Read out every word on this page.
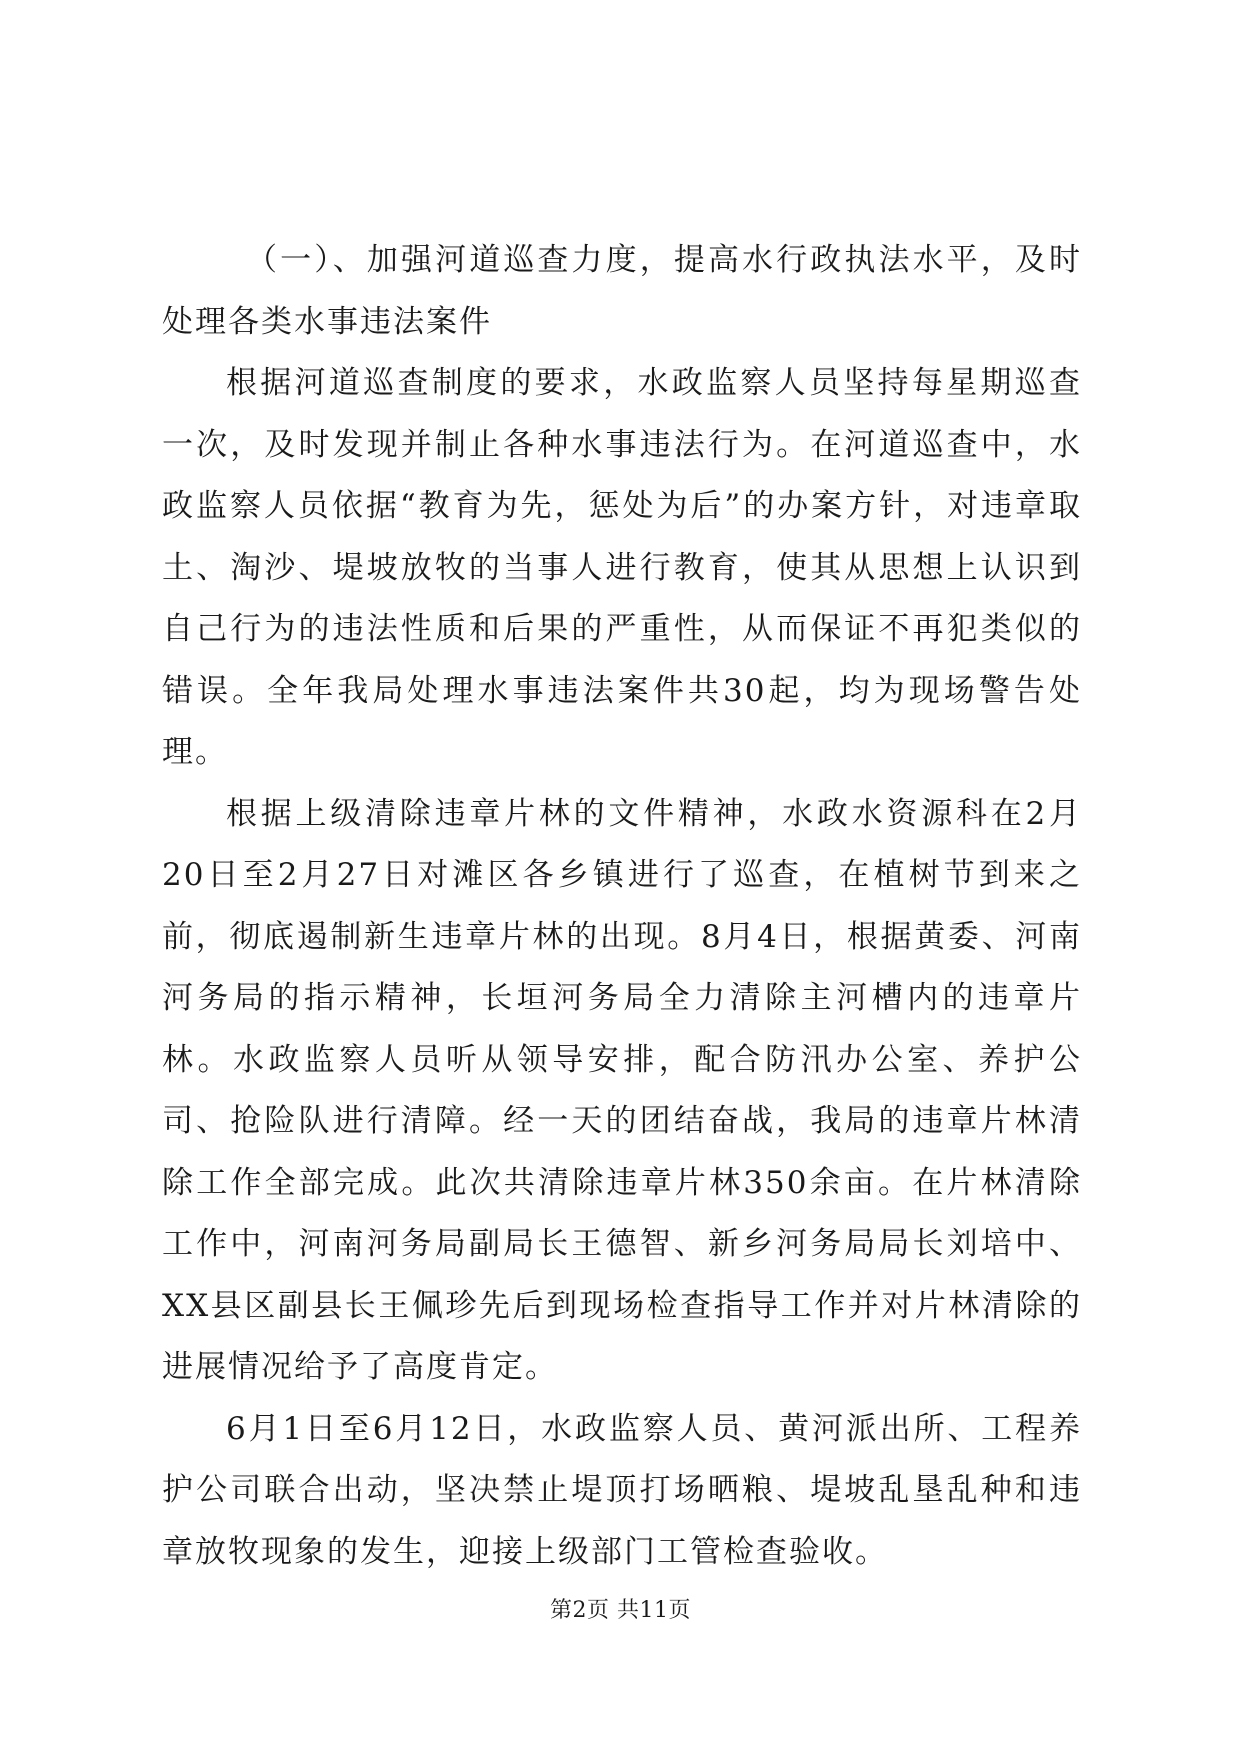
（一）、加强河道巡查力度，提高水行政执法水平，及时处理各类水事违法案件

根据河道巡查制度的要求，水政监察人员坚持每星期巡查一次，及时发现并制止各种水事违法行为。在河道巡查中，水政监察人员依据“教育为先，惩处为后”的办案方针，对违章取土、淘沙、堤坡放牧的当事人进行教育，使其从思想上认识到自己行为的违法性质和后果的严重性，从而保证不再犯类似的错误。全年我局处理水事违法案件共30起，均为现场警告处理。

根据上级清除违章片林的文件精神，水政水资源科在2月20日至2月27日对滩区各乡镇进行了巡查，在植树节到来之前，彻底遏制新生违章片林的出现。8月4日，根据黄委、河南河务局的指示精神，长垣河务局全力清除主河槽内的违章片林。水政监察人员听从领导安排，配合防汛办公室、养护公司、抢险队进行清障。经一天的团结奋战，我局的违章片林清除工作全部完成。此次共清除违章片林350余亩。在片林清除工作中，河南河务局副局长王德智、新乡河务局局长刘培中、XX县区副县长王佩珍先后到现场检查指导工作并对片林清除的进展情况给予了高度肯定。

6月1日至6月12日，水政监察人员、黄河派出所、工程养护公司联合出动，坚决禁止堤顶打场晒粮、堤坡乱垦乱种和违章放牧现象的发生，迎接上级部门工管检查验收。

第2页 共11页
